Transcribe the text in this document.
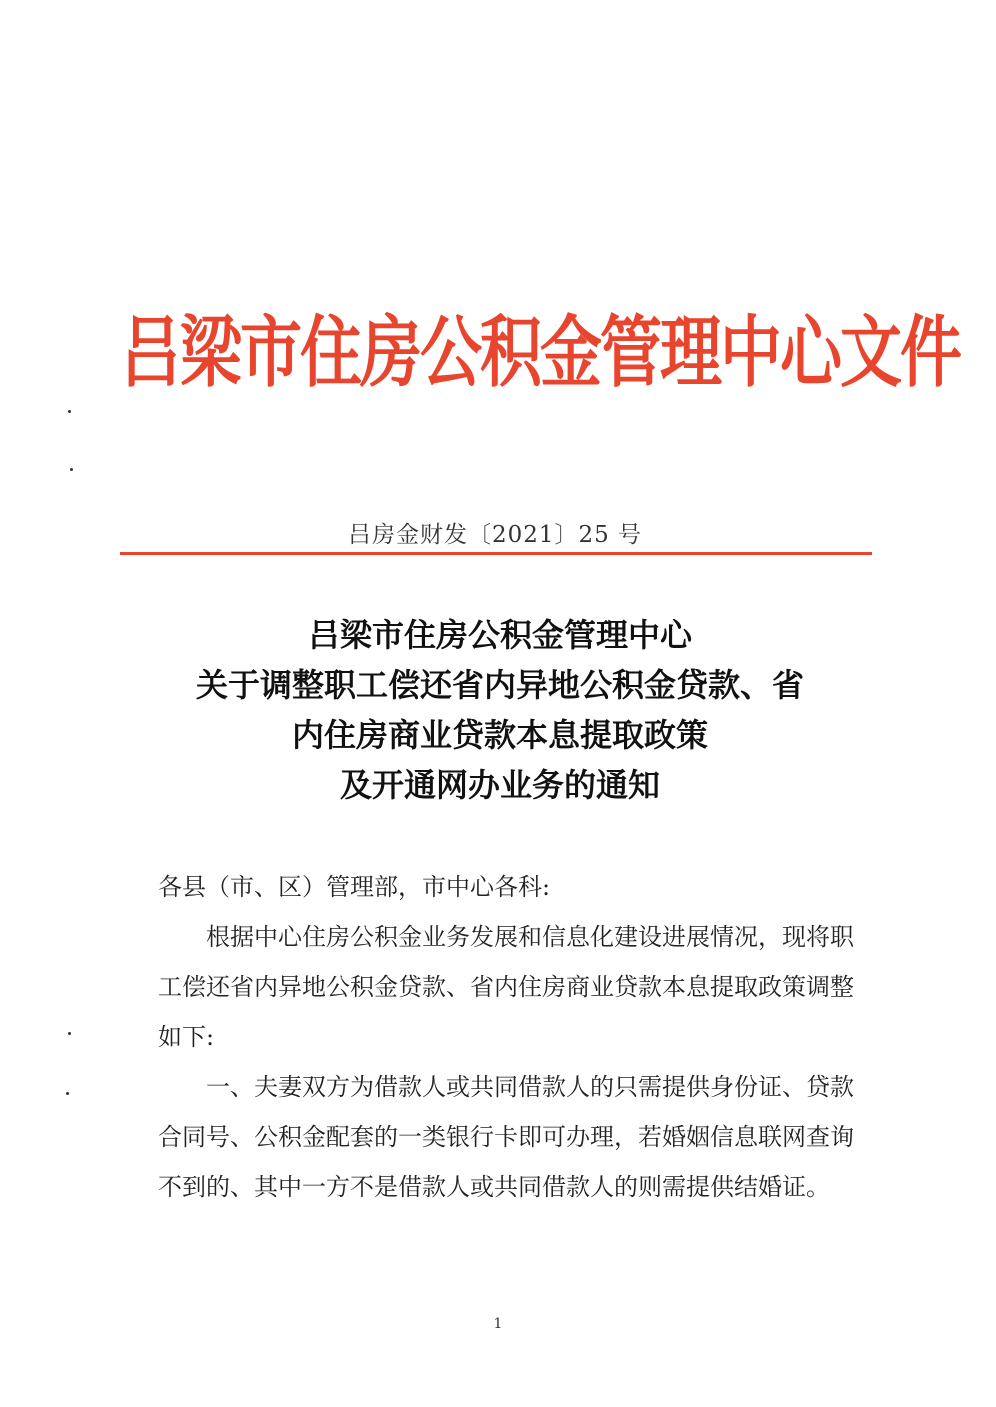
吕梁市住房公积金管理中心文件
吕房金财发〔2021〕25 号
吕梁市住房公积金管理中心
关于调整职工偿还省内异地公积金贷款、省
内住房商业贷款本息提取政策
及开通网办业务的通知

各县（市、区）管理部，市中心各科:

根据中心住房公积金业务发展和信息化建设进展情况，现将职工偿还省内异地公积金贷款、省内住房商业贷款本息提取政策调整如下:

一、夫妻双方为借款人或共同借款人的只需提供身份证、贷款合同号、公积金配套的一类银行卡即可办理，若婚姻信息联网查询不到的、其中一方不是借款人或共同借款人的则需提供结婚证。

1
